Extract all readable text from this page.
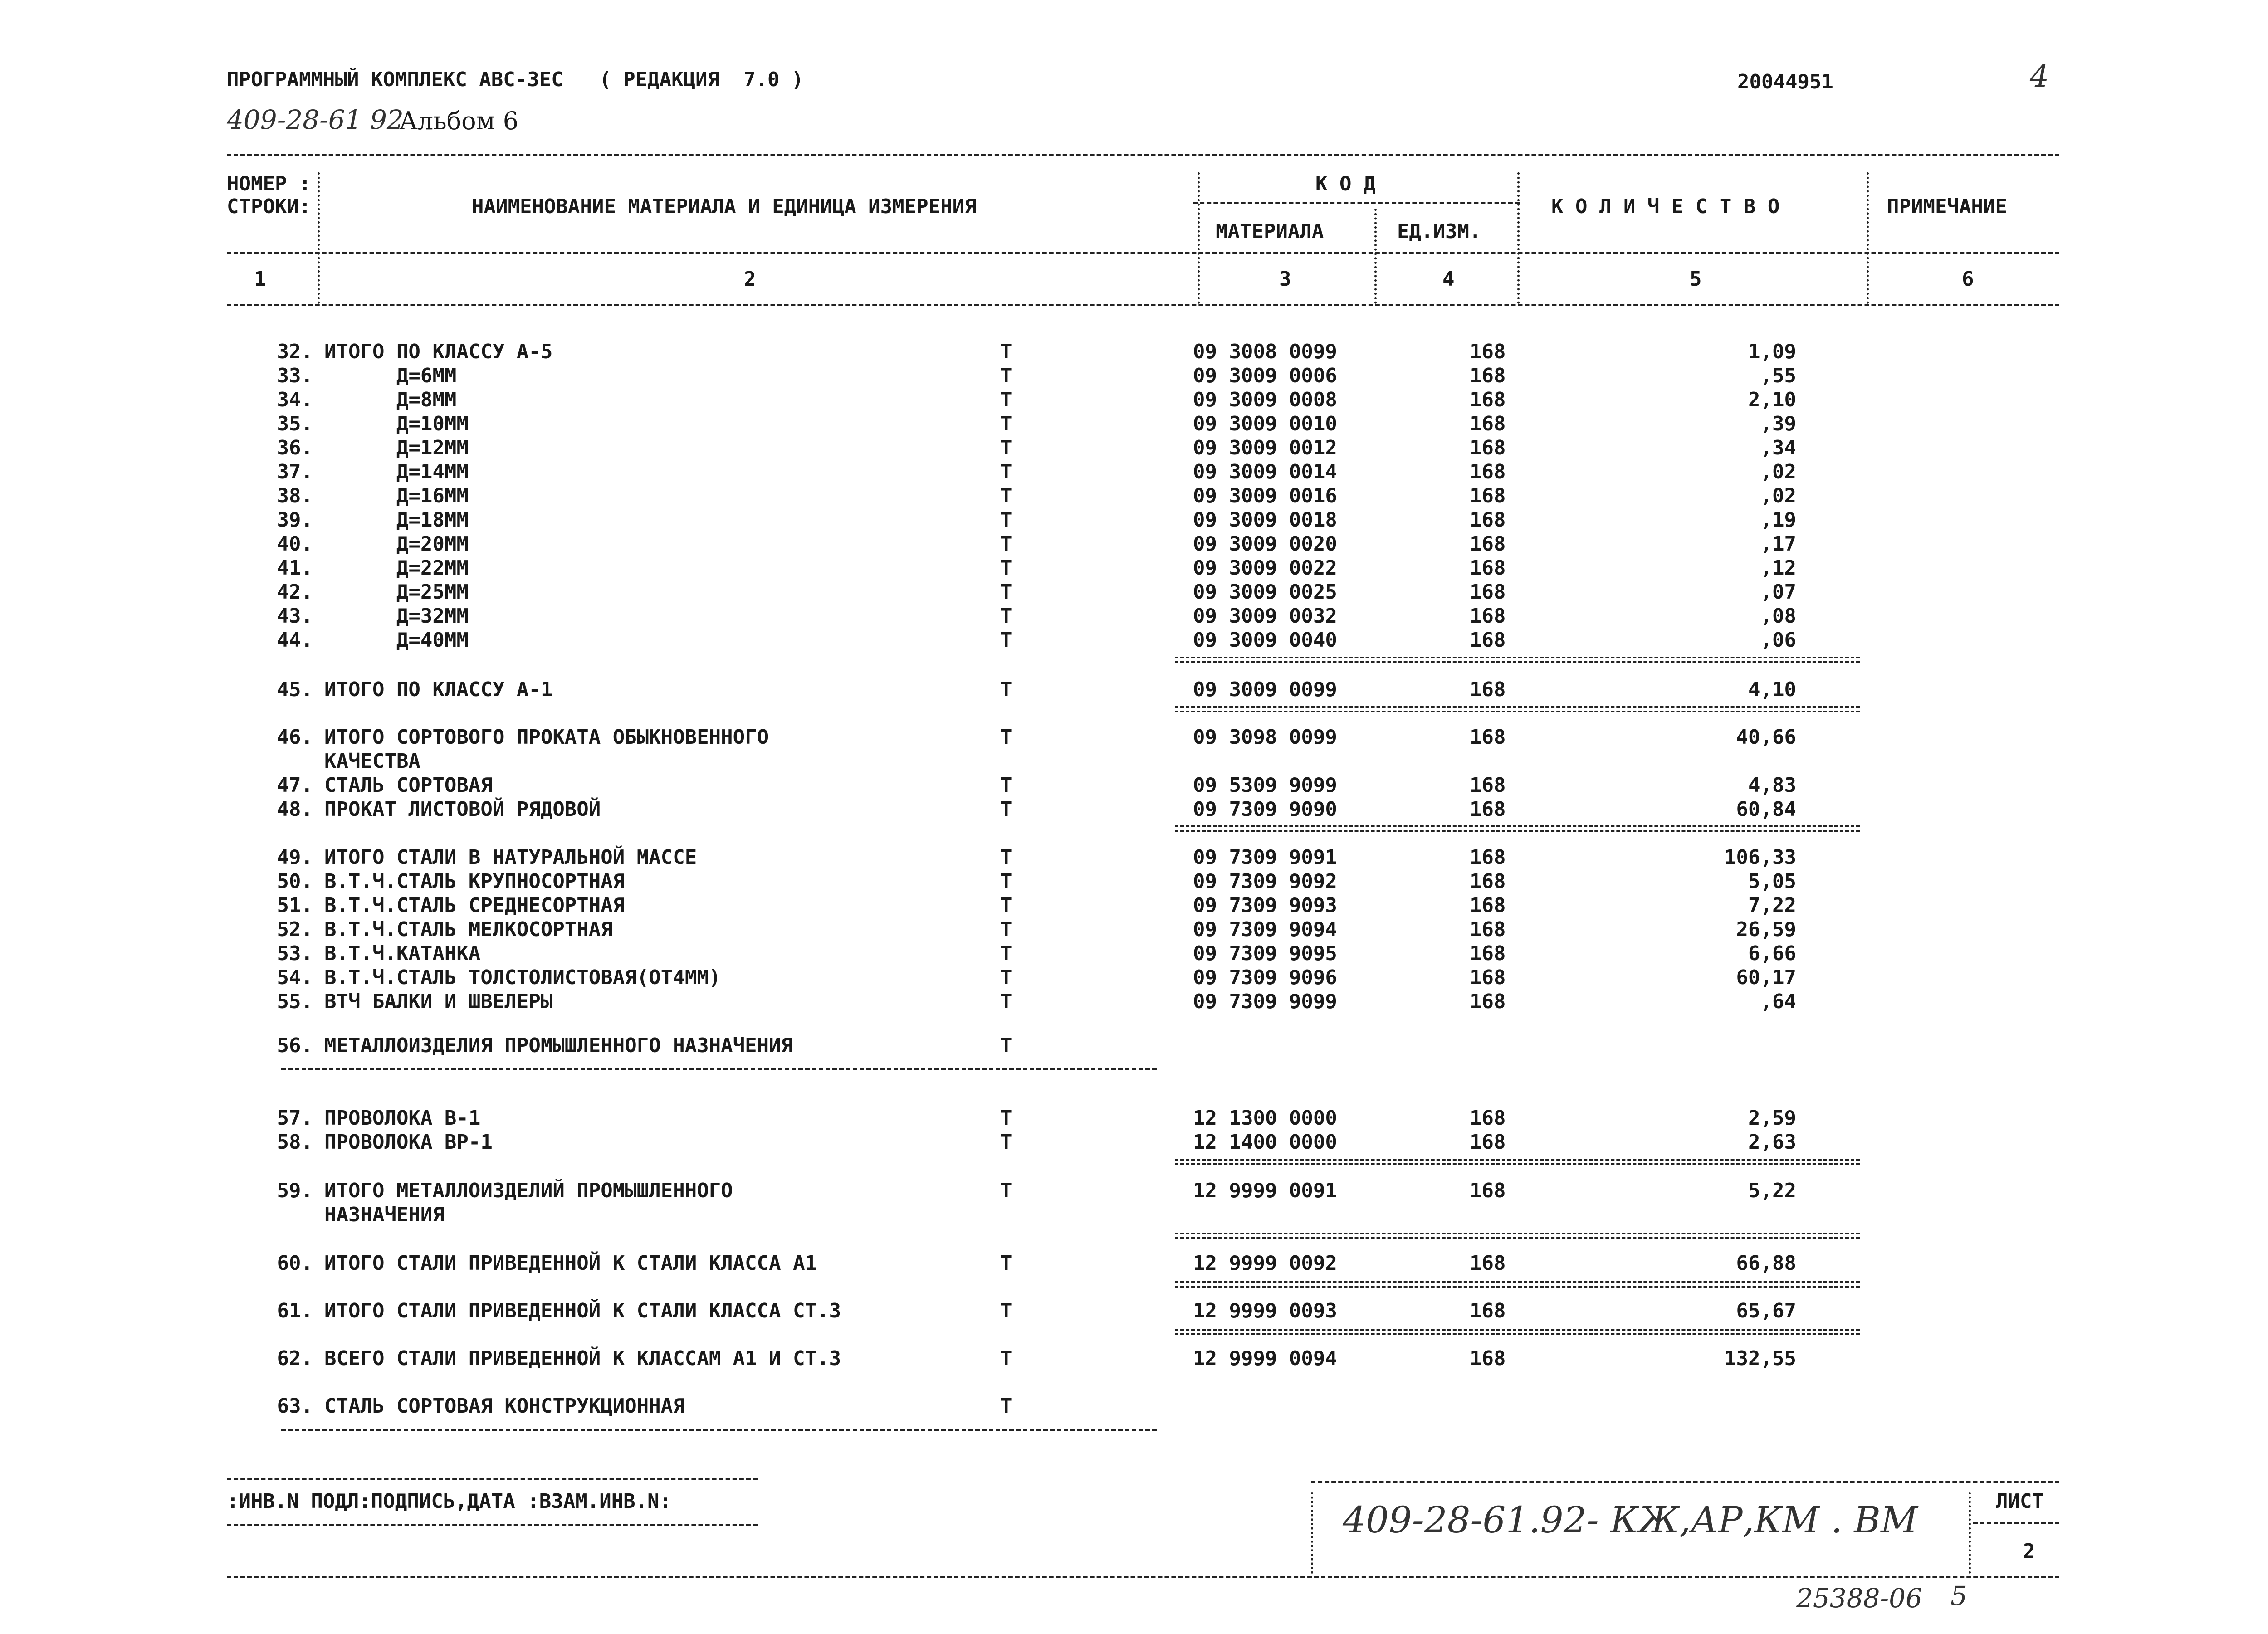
ПРОГРАММНЫЙ КОМПЛЕКС АВС-ЗЕС   ( РЕДАКЦИЯ  7.0 )
409-28-61 92
Альбом 6
20044951	4
НОМЕР :
СТРОКИ:	НАИМЕНОВАНИЕ МАТЕРИАЛА И ЕДИНИЦА ИЗМЕРЕНИЯ
К О Д
МАТЕРИАЛА	ЕД.ИЗМ.
К О Л И Ч Е С Т В О	ПРИМЕЧАНИЕ
1	2	3	4	5	6
32. ИТОГО ПО КЛАССУ А-5	Т	09 3008 0099	168	1,09
33. Д=6ММ	Т	09 3009 0006	168	,55
34. Д=8ММ	Т	09 3009 0008	168	2,10
35. Д=10ММ	Т	09 3009 0010	168	,39
36. Д=12ММ	Т	09 3009 0012	168	,34
37. Д=14ММ	Т	09 3009 0014	168	,02
38. Д=16ММ	Т	09 3009 0016	168	,02
39. Д=18ММ	Т	09 3009 0018	168	,19
40. Д=20ММ	Т	09 3009 0020	168	,17
41. Д=22ММ	Т	09 3009 0022	168	,12
42. Д=25ММ	Т	09 3009 0025	168	,07
43. Д=32ММ	Т	09 3009 0032	168	,08
44. Д=40ММ	Т	09 3009 0040	168	,06
45. ИТОГО ПО КЛАССУ А-1	Т	09 3009 0099	168	4,10
46. ИТОГО СОРТОВОГО ПРОКАТА ОБЫКНОВЕННОГО	Т	09 3098 0099	168	40,66
КАЧЕСТВА
47. СТАЛЬ СОРТОВАЯ	Т	09 5309 9099	168	4,83
48. ПРОКАТ ЛИСТОВОЙ РЯДОВОЙ	Т	09 7309 9090	168	60,84
49. ИТОГО СТАЛИ В НАТУРАЛЬНОЙ МАССЕ	Т	09 7309 9091	168	106,33
50. В.Т.Ч.СТАЛЬ КРУПНОСОРТНАЯ	Т	09 7309 9092	168	5,05
51. В.Т.Ч.СТАЛЬ СРЕДНЕСОРТНАЯ	Т	09 7309 9093	168	7,22
52. В.Т.Ч.СТАЛЬ МЕЛКОСОРТНАЯ	Т	09 7309 9094	168	26,59
53. В.Т.Ч.КАТАНКА	Т	09 7309 9095	168	6,66
54. В.Т.Ч.СТАЛЬ ТОЛСТОЛИСТОВАЯ(ОТ4ММ)	Т	09 7309 9096	168	60,17
55. ВТЧ БАЛКИ И ШВЕЛЕРЫ	Т	09 7309 9099	168	,64
56. МЕТАЛЛОИЗДЕЛИЯ ПРОМЫШЛЕННОГО НАЗНАЧЕНИЯ	Т
57. ПРОВОЛОКА В-1	Т	12 1300 0000	168	2,59
58. ПРОВОЛОКА ВР-1	Т	12 1400 0000	168	2,63
59. ИТОГО МЕТАЛЛОИЗДЕЛИЙ ПРОМЫШЛЕННОГО	Т	12 9999 0091	168	5,22
НАЗНАЧЕНИЯ
60. ИТОГО СТАЛИ ПРИВЕДЕННОЙ К СТАЛИ КЛАССА А1	Т	12 9999 0092	168	66,88
61. ИТОГО СТАЛИ ПРИВЕДЕННОЙ К СТАЛИ КЛАССА СТ.3	Т	12 9999 0093	168	65,67
62. ВСЕГО СТАЛИ ПРИВЕДЕННОЙ К КЛАССАМ А1 И СТ.3	Т	12 9999 0094	168	132,55
63. СТАЛЬ СОРТОВАЯ КОНСТРУКЦИОННАЯ	Т
:ИНВ.N ПОДЛ:ПОДПИСЬ,ДАТА :ВЗАМ.ИНВ.N:	409-28-61.92- КЖ,АР,КМ . ВМ	ЛИСТ
2
25388-06 5
